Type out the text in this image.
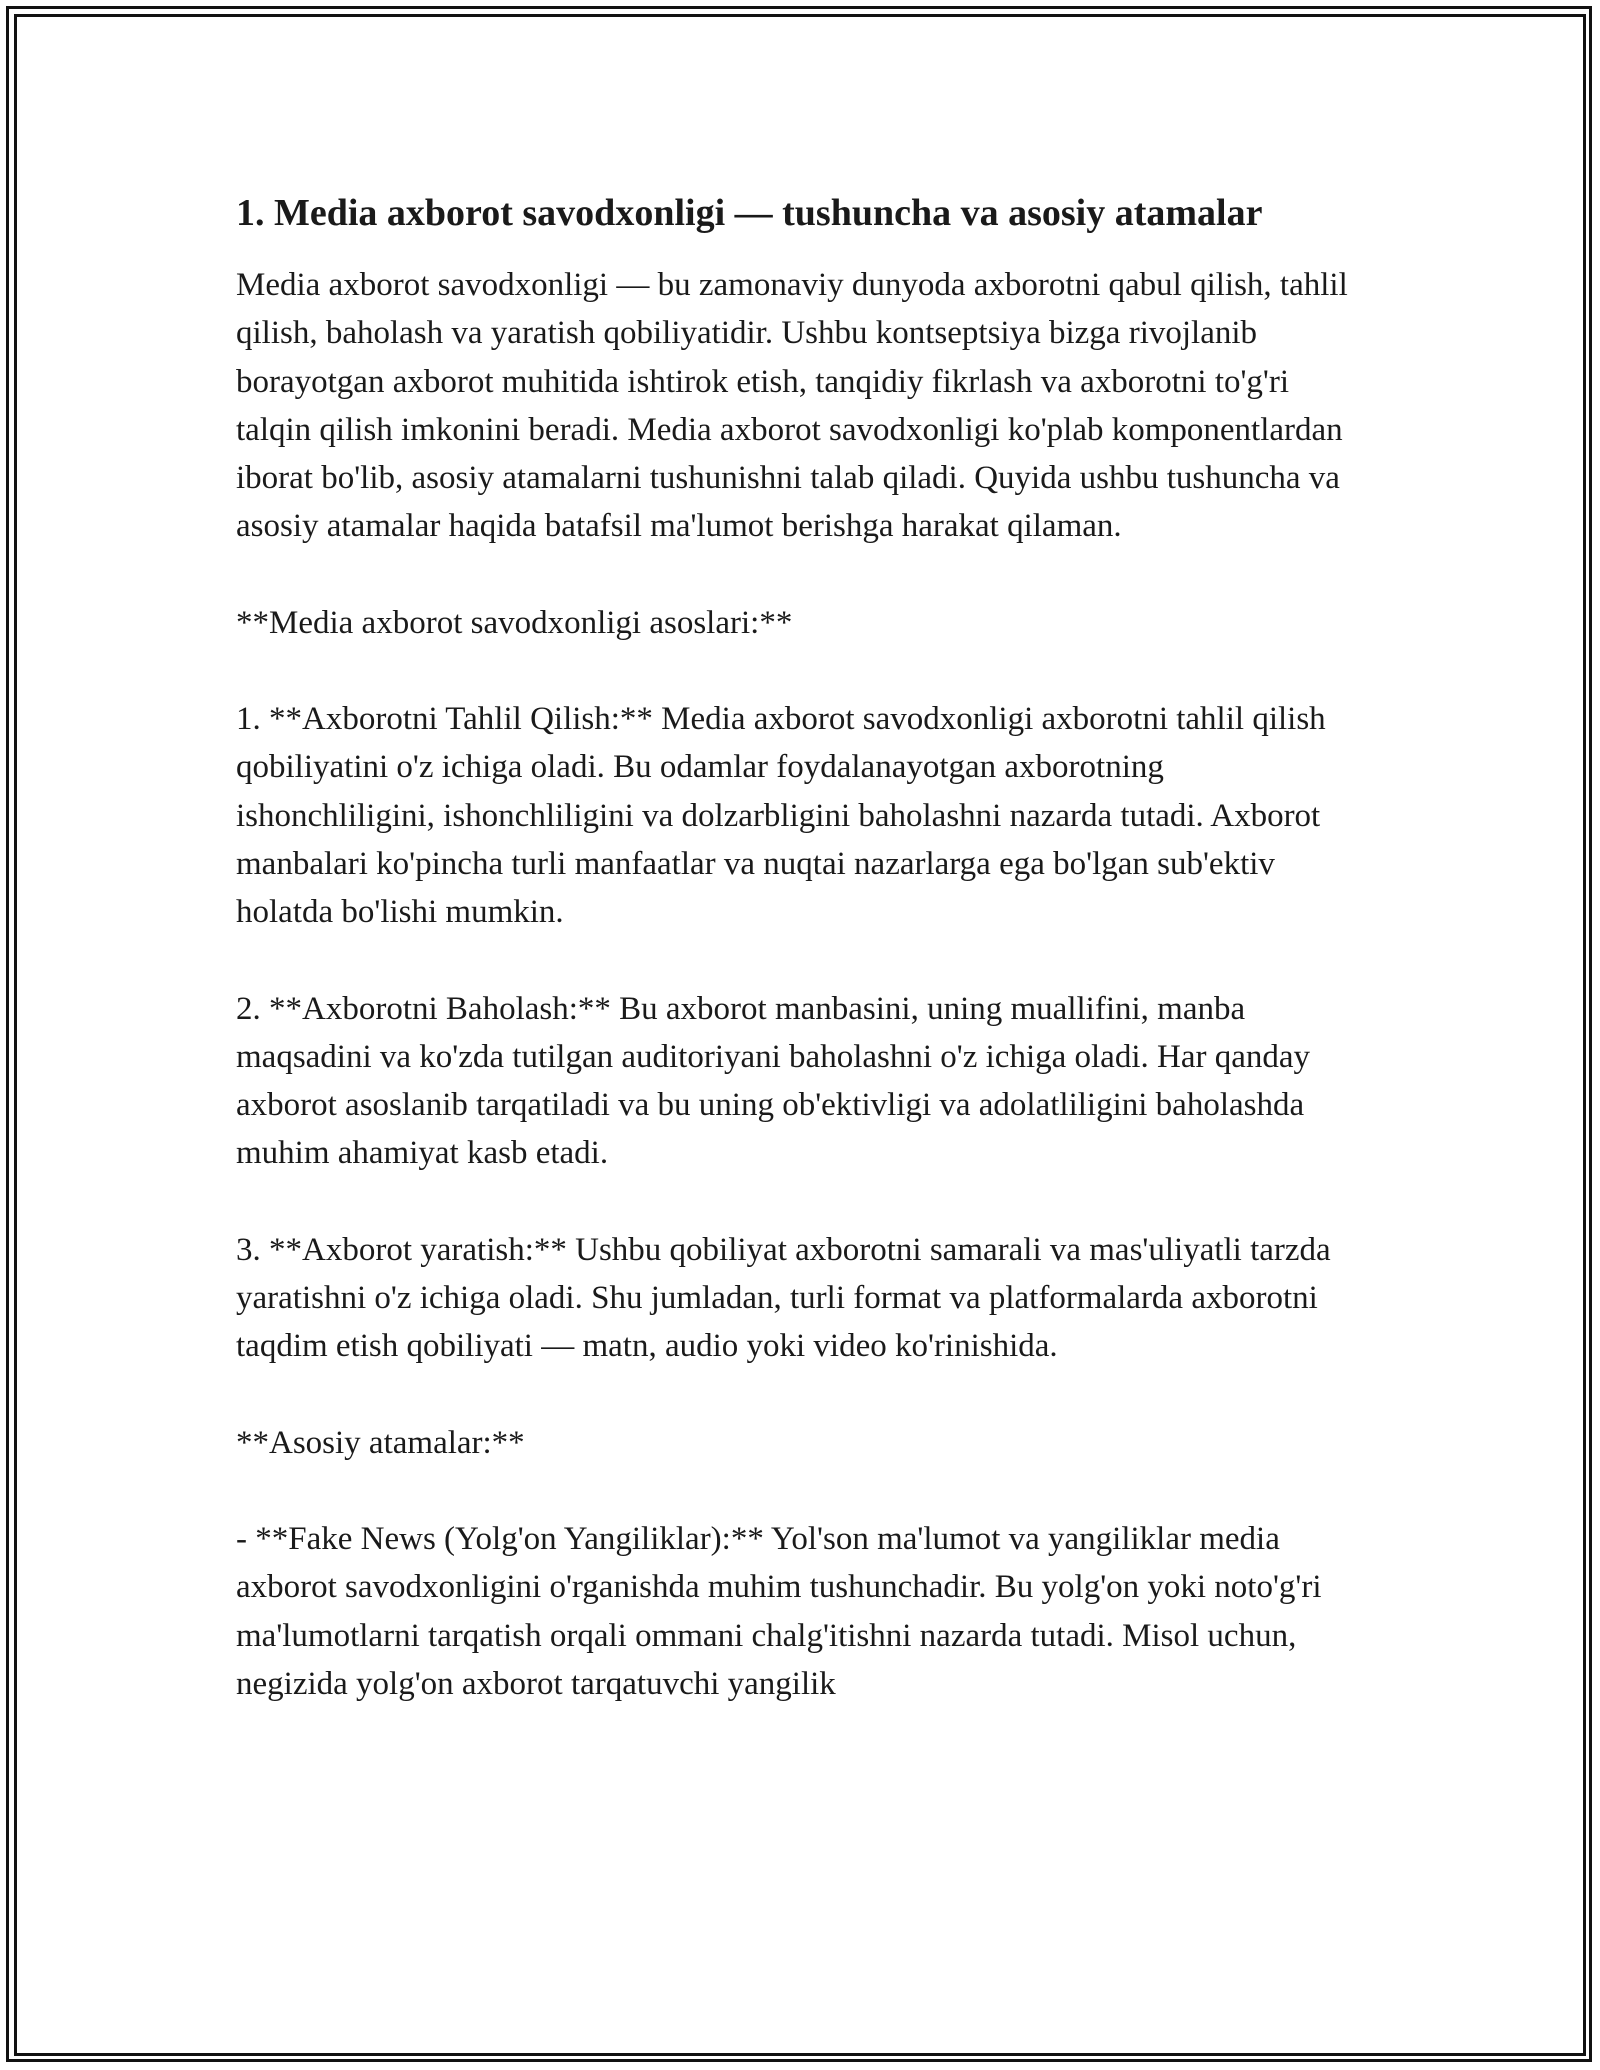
1. Media axborot savodxonligi — tushuncha va asosiy atamalar

Media axborot savodxonligi — bu zamonaviy dunyoda axborotni qabul qilish, tahlil qilish, baholash va yaratish qobiliyatidir. Ushbu kontseptsiya bizga rivojlanib borayotgan axborot muhitida ishtirok etish, tanqidiy fikrlash va axborotni to'g'ri talqin qilish imkonini beradi. Media axborot savodxonligi ko'plab komponentlardan iborat bo'lib, asosiy atamalarni tushunishni talab qiladi. Quyida ushbu tushuncha va asosiy atamalar haqida batafsil ma'lumot berishga harakat qilaman.

**Media axborot savodxonligi asoslari:**

1. **Axborotni Tahlil Qilish:** Media axborot savodxonligi axborotni tahlil qilish qobiliyatini o'z ichiga oladi. Bu odamlar foydalanayotgan axborotning ishonchliligini, ishonchliligini va dolzarbligini baholashni nazarda tutadi. Axborot manbalari ko'pincha turli manfaatlar va nuqtai nazarlarga ega bo'lgan sub'ektiv holatda bo'lishi mumkin.

2. **Axborotni Baholash:** Bu axborot manbasini, uning muallifini, manba maqsadini va ko'zda tutilgan auditoriyani baholashni o'z ichiga oladi. Har qanday axborot asoslanib tarqatiladi va bu uning ob'ektivligi va adolatliligini baholashda muhim ahamiyat kasb etadi.

3. **Axborot yaratish:** Ushbu qobiliyat axborotni samarali va mas'uliyatli tarzda yaratishni o'z ichiga oladi. Shu jumladan, turli format va platformalarda axborotni taqdim etish qobiliyati — matn, audio yoki video ko'rinishida.

**Asosiy atamalar:**

- **Fake News (Yolg'on Yangiliklar):** Yol'son ma'lumot va yangiliklar media axborot savodxonligini o'rganishda muhim tushunchadir. Bu yolg'on yoki noto'g'ri ma'lumotlarni tarqatish orqali ommani chalg'itishni nazarda tutadi. Misol uchun, negizida yolg'on axborot tarqatuvchi yangilik
